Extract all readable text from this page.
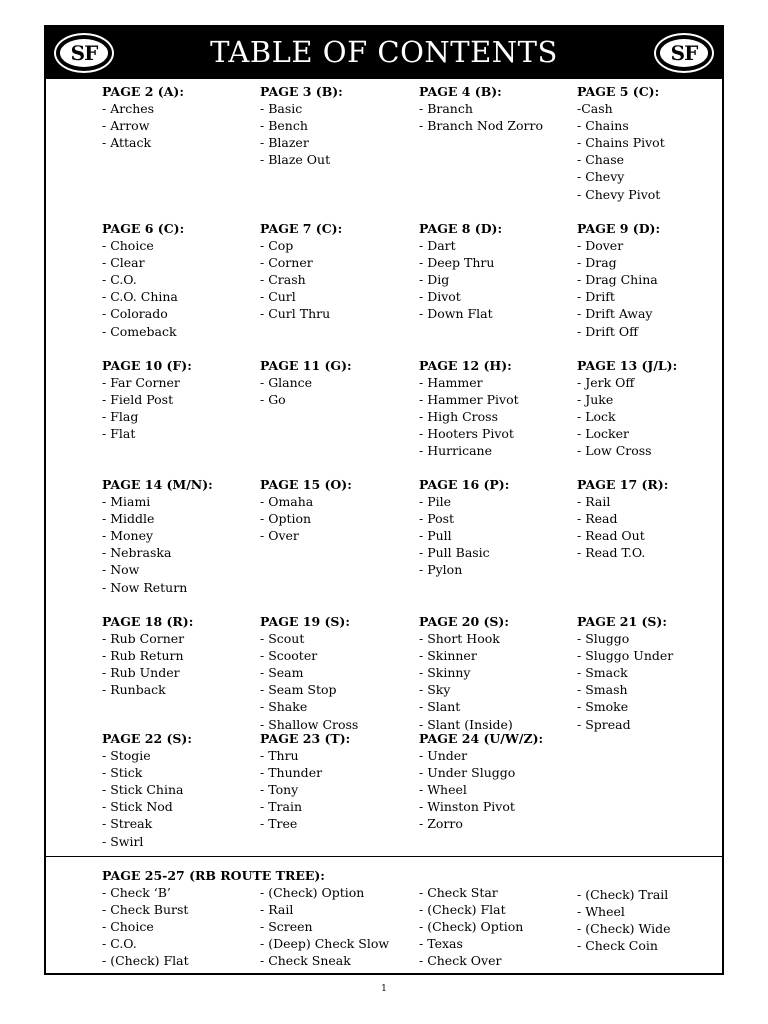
SF	TABLE OF CONTENTS	SF
PAGE 2 (A):
- Arches
- Arrow
- Attack
PAGE 3 (B):
- Basic
- Bench
- Blazer
- Blaze Out
PAGE 4 (B):
- Branch
- Branch Nod Zorro
PAGE 5 (C):
-Cash
- Chains
- Chains Pivot
- Chase
- Chevy
- Chevy Pivot
PAGE 6 (C):
- Choice
- Clear
- C.O.
- C.O. China
- Colorado
- Comeback
PAGE 7 (C):
- Cop
- Corner
- Crash
- Curl
- Curl Thru
PAGE 8 (D):
- Dart
- Deep Thru
- Dig
- Divot
- Down Flat
PAGE 9 (D):
- Dover
- Drag
- Drag China
- Drift
- Drift Away
- Drift Off
PAGE 10 (F):
- Far Corner
- Field Post
- Flag
- Flat
PAGE 11 (G):
- Glance
- Go
PAGE 12 (H):
- Hammer
- Hammer Pivot
- High Cross
- Hooters Pivot
- Hurricane
PAGE 13 (J/L):
- Jerk Off
- Juke
- Lock
- Locker
- Low Cross
PAGE 14 (M/N):
- Miami
- Middle
- Money
- Nebraska
- Now
- Now Return
PAGE 15 (O):
- Omaha
- Option
- Over
PAGE 16 (P):
- Pile
- Post
- Pull
- Pull Basic
- Pylon
PAGE 17 (R):
- Rail
- Read
- Read Out
- Read T.O.
PAGE 18 (R):
- Rub Corner
- Rub Return
- Rub Under
- Runback
PAGE 19 (S):
- Scout
- Scooter
- Seam
- Seam Stop
- Shake
- Shallow Cross
PAGE 20 (S):
- Short Hook
- Skinner
- Skinny
- Sky
- Slant
- Slant (Inside)
PAGE 21 (S):
- Sluggo
- Sluggo Under
- Smack
- Smash
- Smoke
- Spread
PAGE 22 (S):
- Stogie
- Stick
- Stick China
- Stick Nod
- Streak
- Swirl
PAGE 23 (T):
- Thru
- Thunder
- Tony
- Train
- Tree
PAGE 24 (U/W/Z):
- Under
- Under Sluggo
- Wheel
- Winston Pivot
- Zorro
PAGE 25-27 (RB ROUTE TREE):
- Check ‘B’
- Check Burst
- Choice
- C.O.
- (Check) Flat
- (Check) Option
- Rail
- Screen
- (Deep) Check Slow
- Check Sneak
- Check Star
- (Check) Flat
- (Check) Option
- Texas
- Check Over
- (Check) Trail
- Wheel
- (Check) Wide
- Check Coin
1
